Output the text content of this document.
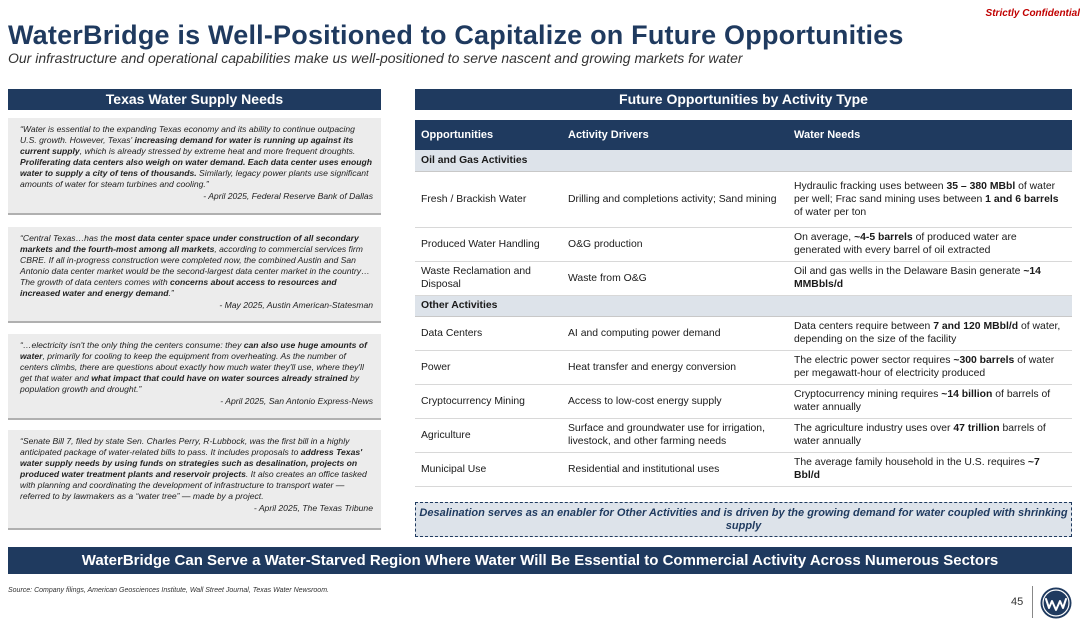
Strictly Confidential
WaterBridge is Well-Positioned to Capitalize on Future Opportunities
Our infrastructure and operational capabilities make us well-positioned to serve nascent and growing markets for water
Texas Water Supply Needs
“Water is essential to the expanding Texas economy and its ability to continue outpacing U.S. growth. However, Texas' increasing demand for water is running up against its current supply, which is already stressed by extreme heat and more frequent droughts. Proliferating data centers also weigh on water demand. Each data center uses enough water to supply a city of tens of thousands. Similarly, legacy power plants use significant amounts of water for steam turbines and cooling.”
- April 2025, Federal Reserve Bank of Dallas
“Central Texas…has the most data center space under construction of all secondary markets and the fourth-most among all markets, according to commercial services firm CBRE. If all in-progress construction were completed now, the combined Austin and San Antonio data center market would be the second-largest data center market in the country…The growth of data centers comes with concerns about access to resources and increased water and energy demand.”
- May 2025, Austin American-Statesman
“…electricity isn't the only thing the centers consume: they can also use huge amounts of water, primarily for cooling to keep the equipment from overheating. As the number of centers climbs, there are questions about exactly how much water they'll use, where they'll get that water and what impact that could have on water sources already strained by population growth and drought.”
- April 2025, San Antonio Express-News
“Senate Bill 7, filed by state Sen. Charles Perry, R-Lubbock, was the first bill in a highly anticipated package of water-related bills to pass. It includes proposals to address Texas' water supply needs by using funds on strategies such as desalination, projects on produced water treatment plants and reservoir projects. It also creates an office tasked with planning and coordinating the development of infrastructure to transport water — referred to by lawmakers as a “water tree” — made by a project.
- April 2025, The Texas Tribune
Future Opportunities by Activity Type
Opportunities	Activity Drivers	Water Needs
Oil and Gas Activities		
Fresh / Brackish Water	Drilling and completions activity; Sand mining	Hydraulic fracking uses between 35 – 380 MBbl of water per well; Frac sand mining uses between 1 and 6 barrels of water per ton
Produced Water Handling	O&G production	On average, ~4-5 barrels of produced water are generated with every barrel of oil extracted
Waste Reclamation and Disposal	Waste from O&G	Oil and gas wells in the Delaware Basin generate ~14 MMBbls/d
Other Activities		
Data Centers	AI and computing power demand	Data centers require between 7 and 120 MBbl/d of water, depending on the size of the facility
Power	Heat transfer and energy conversion	The electric power sector requires ~300 barrels of water per megawatt-hour of electricity produced
Cryptocurrency Mining	Access to low-cost energy supply	Cryptocurrency mining requires ~14 billion of barrels of water annually
Agriculture	Surface and groundwater use for irrigation, livestock, and other farming needs	The agriculture industry uses over 47 trillion barrels of water annually
Municipal Use	Residential and institutional uses	The average family household in the U.S. requires ~7 Bbl/d
Desalination serves as an enabler for Other Activities and is driven by the growing demand for water coupled with shrinking supply
WaterBridge Can Serve a Water-Starved Region Where Water Will Be Essential to Commercial Activity Across Numerous Sectors
Source: Company filings, American Geosciences Institute, Wall Street Journal, Texas Water Newsroom.
45
